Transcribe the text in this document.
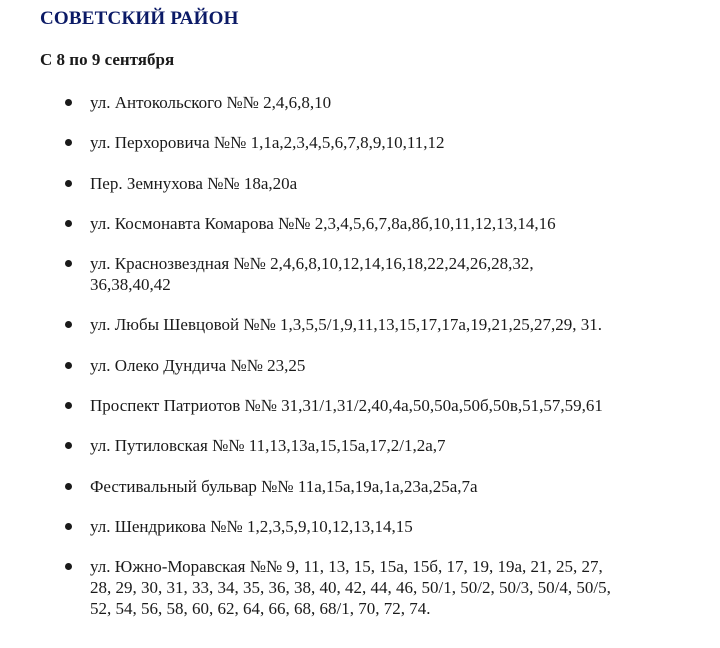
СОВЕТСКИЙ РАЙОН

С 8 по 9 сентября

ул. Антокольского №№ 2,4,6,8,10
ул. Перхоровича №№ 1,1а,2,3,4,5,6,7,8,9,10,11,12
Пер. Земнухова №№ 18а,20а
ул. Космонавта Комарова №№ 2,3,4,5,6,7,8а,8б,10,11,12,13,14,16
ул. Краснозвездная №№ 2,4,6,8,10,12,14,16,18,22,24,26,28,32,
36,38,40,42
ул. Любы Шевцовой №№ 1,3,5,5/1,9,11,13,15,17,17а,19,21,25,27,29, 31.
ул. Олеко Дундича №№ 23,25
Проспект Патриотов №№ 31,31/1,31/2,40,4а,50,50а,50б,50в,51,57,59,61
ул. Путиловская №№ 11,13,13а,15,15а,17,2/1,2а,7
Фестивальный бульвар №№ 11а,15а,19а,1а,23а,25а,7а
ул. Шендрикова №№ 1,2,3,5,9,10,12,13,14,15
ул. Южно-Моравская №№ 9, 11, 13, 15, 15а, 15б, 17, 19, 19а, 21, 25, 27,
28, 29, 30, 31, 33, 34, 35, 36, 38, 40, 42, 44, 46, 50/1, 50/2, 50/3, 50/4, 50/5,
52, 54, 56, 58, 60, 62, 64, 66, 68, 68/1, 70, 72, 74.
